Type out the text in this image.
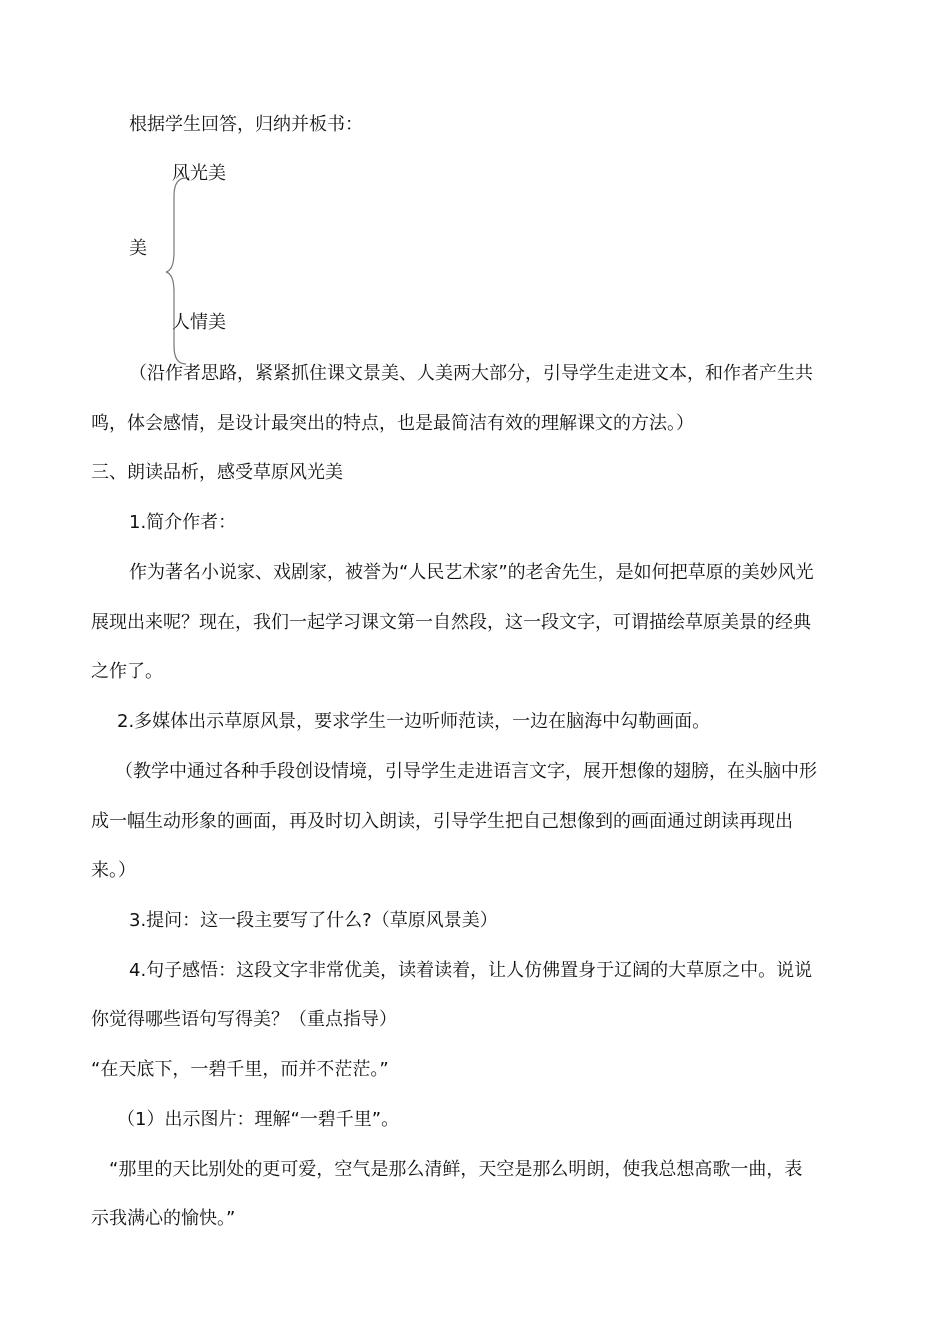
根据学生回答，归纳并板书：
风光美
美
人情美
（沿作者思路，紧紧抓住课文景美、人美两大部分，引导学生走进文本，和作者产生共
鸣，体会感情，是设计最突出的特点，也是最简洁有效的理解课文的方法。）
三、朗读品析，感受草原风光美
1.简介作者：
作为著名小说家、戏剧家，被誉为“人民艺术家”的老舍先生，是如何把草原的美妙风光
展现出来呢？现在，我们一起学习课文第一自然段，这一段文字，可谓描绘草原美景的经典
之作了。
2.多媒体出示草原风景，要求学生一边听师范读，一边在脑海中勾勒画面。
（教学中通过各种手段创设情境，引导学生走进语言文字，展开想像的翅膀，在头脑中形
成一幅生动形象的画面，再及时切入朗读，引导学生把自己想像到的画面通过朗读再现出
来。）
3.提问：这一段主要写了什么?（草原风景美）
4.句子感悟：这段文字非常优美，读着读着，让人仿佛置身于辽阔的大草原之中。说说
你觉得哪些语句写得美？（重点指导）
“在天底下，一碧千里，而并不茫茫。”
（1）出示图片：理解“一碧千里”。
“那里的天比别处的更可爱，空气是那么清鲜，天空是那么明朗，使我总想高歌一曲，表
示我满心的愉快。”
